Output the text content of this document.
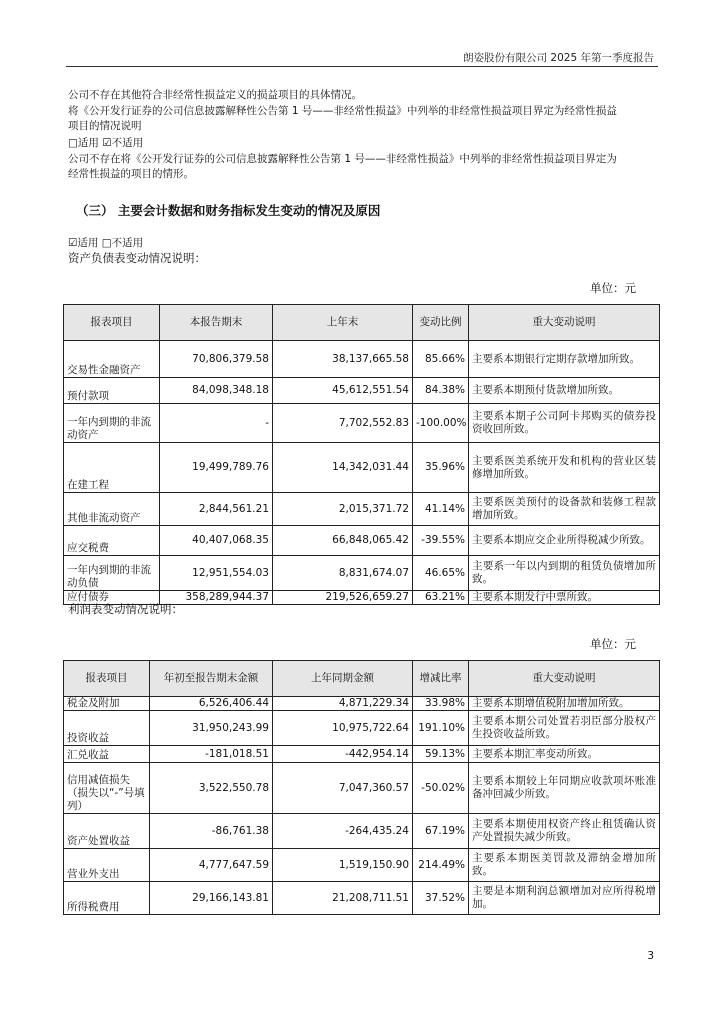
朗姿股份有限公司 2025 年第一季度报告
公司不存在其他符合非经常性损益定义的损益项目的具体情况。
将《公开发行证券的公司信息披露解释性公告第 1 号——非经常性损益》中列举的非经常性损益项目界定为经常性损益
项目的情况说明
□适用 ☑不适用
公司不存在将《公开发行证券的公司信息披露解释性公告第 1 号——非经常性损益》中列举的非经常性损益项目界定为
经常性损益的项目的情形。
（三） 主要会计数据和财务指标发生变动的情况及原因
☑适用 □不适用
资产负债表变动情况说明：
单位：元
报表项目	本报告期末	上年末	变动比例	重大变动说明
交易性金融资产	70,806,379.58	38,137,665.58	85.66%	主要系本期银行定期存款增加所致。
预付款项	84,098,348.18	45,612,551.54	84.38%	主要系本期预付货款增加所致。
一年内到期的非流动资产	-	7,702,552.83	-100.00%	主要系本期子公司阿卡邦购买的债券投资收回所致。
在建工程	19,499,789.76	14,342,031.44	35.96%	主要系医美系统开发和机构的营业区装修增加所致。
其他非流动资产	2,844,561.21	2,015,371.72	41.14%	主要系医美预付的设备款和装修工程款增加所致。
应交税费	40,407,068.35	66,848,065.42	-39.55%	主要系本期应交企业所得税减少所致。
一年内到期的非流动负债	12,951,554.03	8,831,674.07	46.65%	主要系一年以内到期的租赁负债增加所致。
应付债券	358,289,944.37	219,526,659.27	63.21%	主要系本期发行中票所致。
利润表变动情况说明：
单位：元
报表项目	年初至报告期末金额	上年同期金额	增减比率	重大变动说明
税金及附加	6,526,406.44	4,871,229.34	33.98%	主要系本期增值税附加增加所致。
投资收益	31,950,243.99	10,975,722.64	191.10%	主要系本期公司处置若羽臣部分股权产生投资收益所致。
汇兑收益	-181,018.51	-442,954.14	59.13%	主要系本期汇率变动所致。
信用减值损失（损失以“-”号填列）	3,522,550.78	7,047,360.57	-50.02%	主要系本期较上年同期应收款项坏账准备冲回减少所致。
资产处置收益	-86,761.38	-264,435.24	67.19%	主要系本期使用权资产终止租赁确认资产处置损失减少所致。
营业外支出	4,777,647.59	1,519,150.90	214.49%	主要系本期医美罚款及滞纳金增加所致。
所得税费用	29,166,143.81	21,208,711.51	37.52%	主要是本期利润总额增加对应所得税增加。
3
